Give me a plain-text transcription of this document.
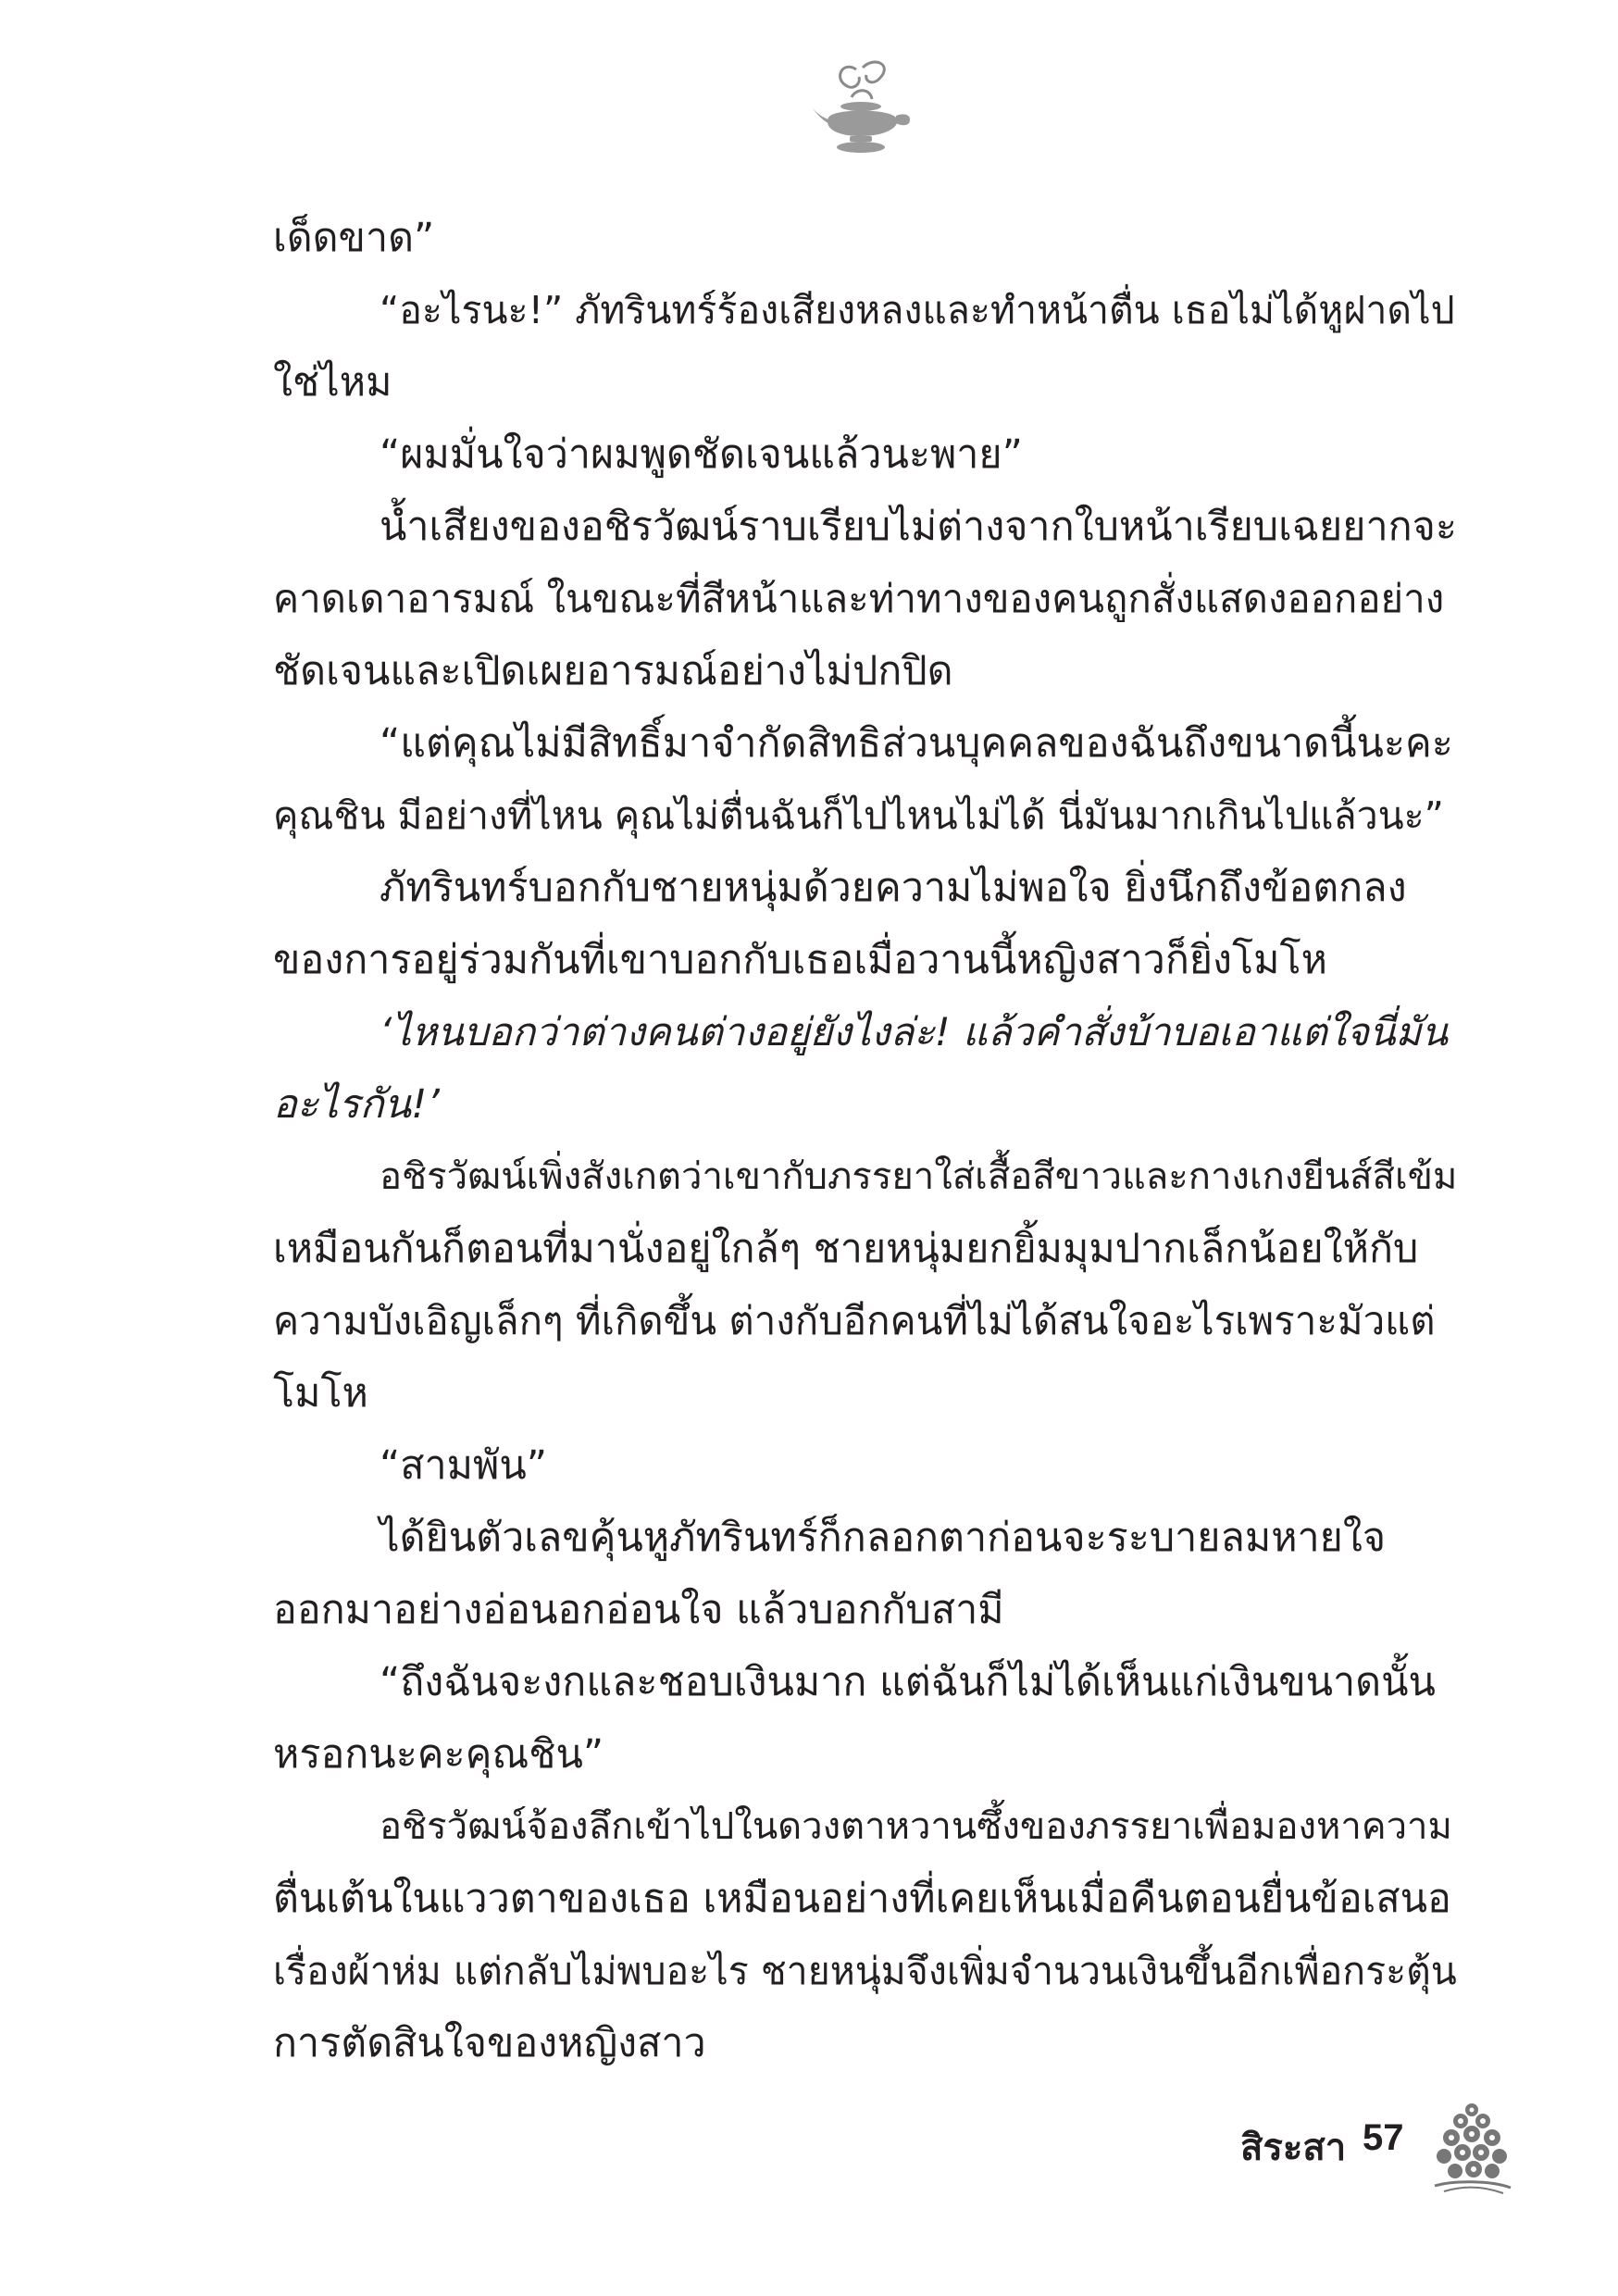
เด็ดขาด”
“อะไรนะ!” ภัทรินทร์ร้องเสียงหลงและทำหน้าตื่น เธอไม่ได้หูฝาดไป
ใช่ไหม
“ผมมั่นใจว่าผมพูดชัดเจนแล้วนะพาย”
น้ำเสียงของอชิรวัฒน์ราบเรียบไม่ต่างจากใบหน้าเรียบเฉยยากจะ
คาดเดาอารมณ์ ในขณะที่สีหน้าและท่าทางของคนถูกสั่งแสดงออกอย่าง
ชัดเจนและเปิดเผยอารมณ์อย่างไม่ปกปิด
“แต่คุณไม่มีสิทธิ์มาจำกัดสิทธิส่วนบุคคลของฉันถึงขนาดนี้นะคะ
คุณชิน มีอย่างที่ไหน คุณไม่ตื่นฉันก็ไปไหนไม่ได้ นี่มันมากเกินไปแล้วนะ”
ภัทรินทร์บอกกับชายหนุ่มด้วยความไม่พอใจ ยิ่งนึกถึงข้อตกลง
ของการอยู่ร่วมกันที่เขาบอกกับเธอเมื่อวานนี้หญิงสาวก็ยิ่งโมโห
‘ไหนบอกว่าต่างคนต่างอยู่ยังไงล่ะ! แล้วคำสั่งบ้าบอเอาแต่ใจนี่มัน
อะไรกัน!’
อชิรวัฒน์เพิ่งสังเกตว่าเขากับภรรยาใส่เสื้อสีขาวและกางเกงยีนส์สีเข้ม
เหมือนกันก็ตอนที่มานั่งอยู่ใกล้ๆ ชายหนุ่มยกยิ้มมุมปากเล็กน้อยให้กับ
ความบังเอิญเล็กๆ ที่เกิดขึ้น ต่างกับอีกคนที่ไม่ได้สนใจอะไรเพราะมัวแต่
โมโห
“สามพัน”
ได้ยินตัวเลขคุ้นหูภัทรินทร์ก็กลอกตาก่อนจะระบายลมหายใจ
ออกมาอย่างอ่อนอกอ่อนใจ แล้วบอกกับสามี
“ถึงฉันจะงกและชอบเงินมาก แต่ฉันก็ไม่ได้เห็นแก่เงินขนาดนั้น
หรอกนะคะคุณชิน”
อชิรวัฒน์จ้องลึกเข้าไปในดวงตาหวานซึ้งของภรรยาเพื่อมองหาความ
ตื่นเต้นในแววตาของเธอ เหมือนอย่างที่เคยเห็นเมื่อคืนตอนยื่นข้อเสนอ
เรื่องผ้าห่ม แต่กลับไม่พบอะไร ชายหนุ่มจึงเพิ่มจำนวนเงินขึ้นอีกเพื่อกระตุ้น
การตัดสินใจของหญิงสาว
สิระสา 57
